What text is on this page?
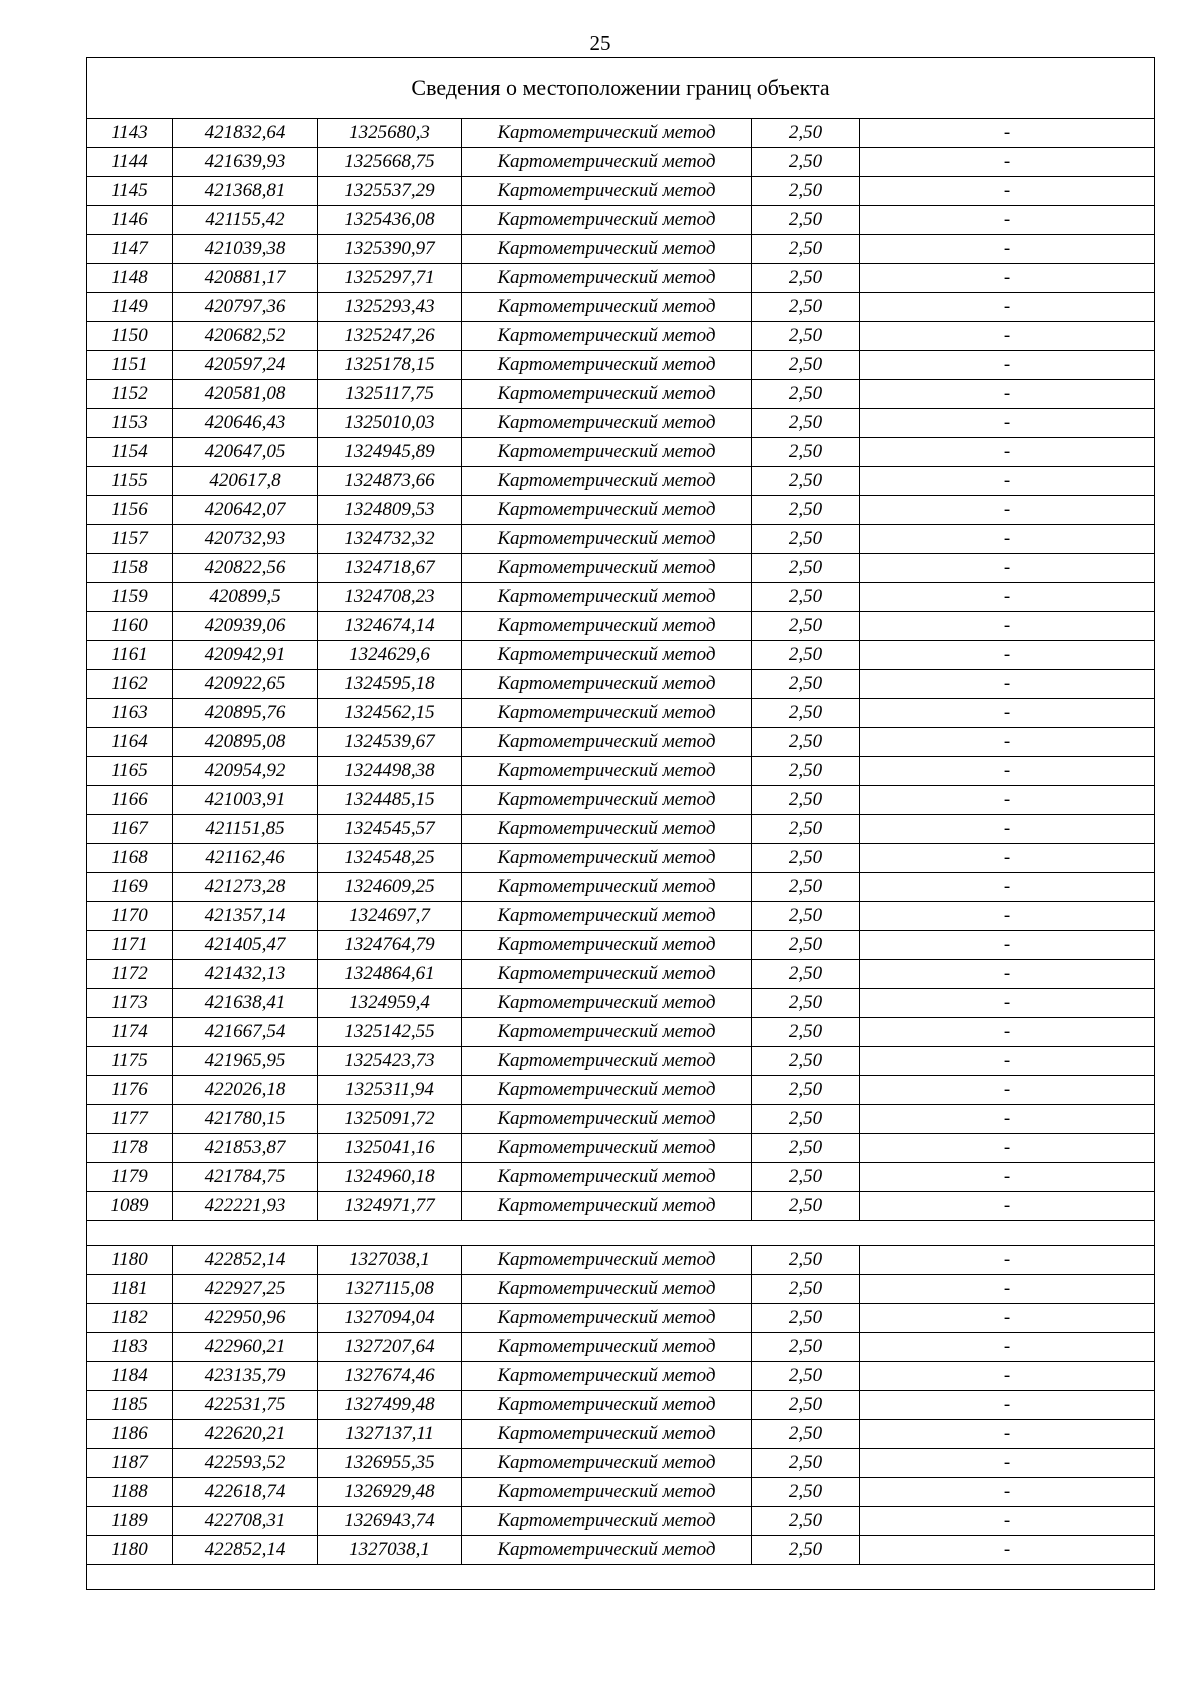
25
Сведения о местоположении границ объекта					
1143	421832,64	1325680,3	Картометрический метод	2,50	-
1144	421639,93	1325668,75	Картометрический метод	2,50	-
1145	421368,81	1325537,29	Картометрический метод	2,50	-
1146	421155,42	1325436,08	Картометрический метод	2,50	-
1147	421039,38	1325390,97	Картометрический метод	2,50	-
1148	420881,17	1325297,71	Картометрический метод	2,50	-
1149	420797,36	1325293,43	Картометрический метод	2,50	-
1150	420682,52	1325247,26	Картометрический метод	2,50	-
1151	420597,24	1325178,15	Картометрический метод	2,50	-
1152	420581,08	1325117,75	Картометрический метод	2,50	-
1153	420646,43	1325010,03	Картометрический метод	2,50	-
1154	420647,05	1324945,89	Картометрический метод	2,50	-
1155	420617,8	1324873,66	Картометрический метод	2,50	-
1156	420642,07	1324809,53	Картометрический метод	2,50	-
1157	420732,93	1324732,32	Картометрический метод	2,50	-
1158	420822,56	1324718,67	Картометрический метод	2,50	-
1159	420899,5	1324708,23	Картометрический метод	2,50	-
1160	420939,06	1324674,14	Картометрический метод	2,50	-
1161	420942,91	1324629,6	Картометрический метод	2,50	-
1162	420922,65	1324595,18	Картометрический метод	2,50	-
1163	420895,76	1324562,15	Картометрический метод	2,50	-
1164	420895,08	1324539,67	Картометрический метод	2,50	-
1165	420954,92	1324498,38	Картометрический метод	2,50	-
1166	421003,91	1324485,15	Картометрический метод	2,50	-
1167	421151,85	1324545,57	Картометрический метод	2,50	-
1168	421162,46	1324548,25	Картометрический метод	2,50	-
1169	421273,28	1324609,25	Картометрический метод	2,50	-
1170	421357,14	1324697,7	Картометрический метод	2,50	-
1171	421405,47	1324764,79	Картометрический метод	2,50	-
1172	421432,13	1324864,61	Картометрический метод	2,50	-
1173	421638,41	1324959,4	Картометрический метод	2,50	-
1174	421667,54	1325142,55	Картометрический метод	2,50	-
1175	421965,95	1325423,73	Картометрический метод	2,50	-
1176	422026,18	1325311,94	Картометрический метод	2,50	-
1177	421780,15	1325091,72	Картометрический метод	2,50	-
1178	421853,87	1325041,16	Картометрический метод	2,50	-
1179	421784,75	1324960,18	Картометрический метод	2,50	-
1089	422221,93	1324971,77	Картометрический метод	2,50	-

1180	422852,14	1327038,1	Картометрический метод	2,50	-
1181	422927,25	1327115,08	Картометрический метод	2,50	-
1182	422950,96	1327094,04	Картометрический метод	2,50	-
1183	422960,21	1327207,64	Картометрический метод	2,50	-
1184	423135,79	1327674,46	Картометрический метод	2,50	-
1185	422531,75	1327499,48	Картометрический метод	2,50	-
1186	422620,21	1327137,11	Картометрический метод	2,50	-
1187	422593,52	1326955,35	Картометрический метод	2,50	-
1188	422618,74	1326929,48	Картометрический метод	2,50	-
1189	422708,31	1326943,74	Картометрический метод	2,50	-
1180	422852,14	1327038,1	Картометрический метод	2,50	-
